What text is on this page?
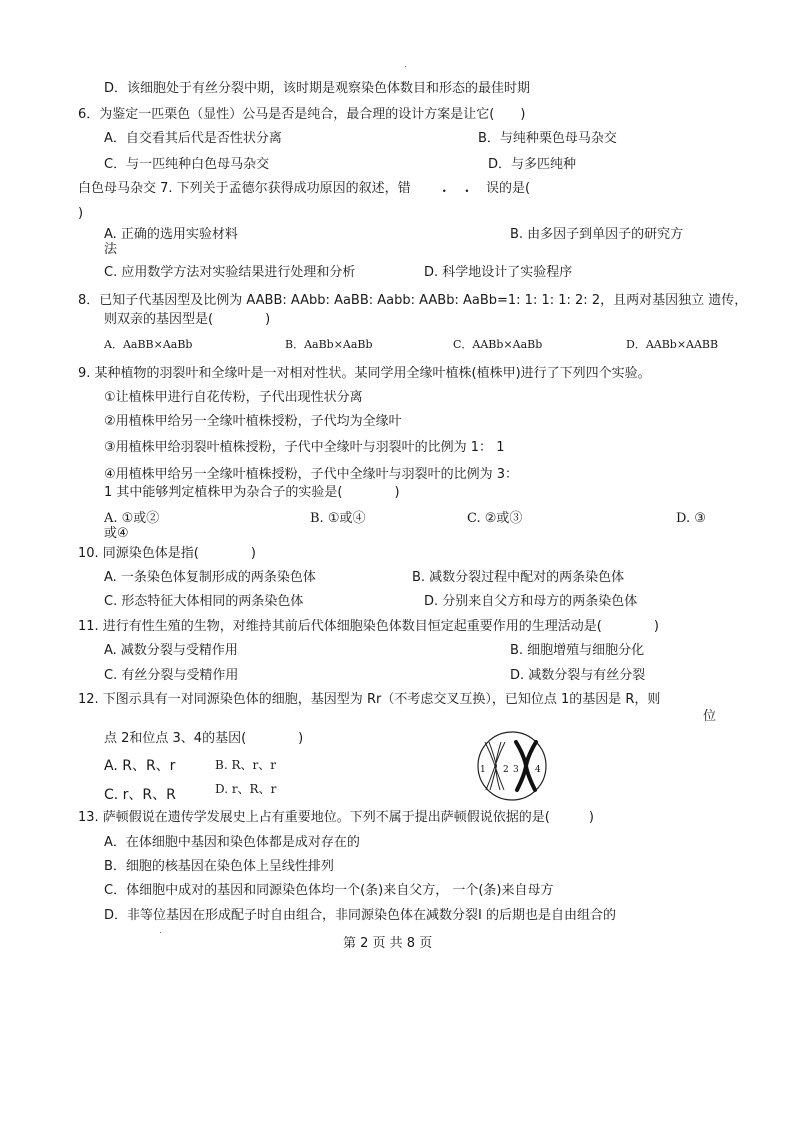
D．该细胞处于有丝分裂中期，该时期是观察染色体数目和形态的最佳时期
6．为鉴定一匹栗色（显性）公马是否是纯合，最合理的设计方案是让它(　　)
A．自交看其后代是否性状分离	B．与纯种栗色母马杂交
C．与一匹纯种白色母马杂交	D．与多匹纯种
白色母马杂交 7. 下列关于孟德尔获得成功原因的叙述，错 .    . 误的是(
)
A. 正确的选用实验材料	B. 由多因子到单因子的研究方
法
C. 应用数学方法对实验结果进行处理和分析	D. 科学地设计了实验程序
8．已知子代基因型及比例为 AABB: AAbb: AaBB: Aabb: AABb: AaBb=1: 1: 1: 1: 2: 2，且两对基因独立 遗传，
则双亲的基因型是(　　　　)
A．AaBB×AaBb	B．AaBb×AaBb	C．AABb×AaBb	D．AABb×AABB
9. 某种植物的羽裂叶和全缘叶是一对相对性状。某同学用全缘叶植株(植株甲)进行了下列四个实验。
①让植株甲进行自花传粉，子代出现性状分离
②用植株甲给另一全缘叶植株授粉，子代均为全缘叶
③用植株甲给羽裂叶植株授粉，子代中全缘叶与羽裂叶的比例为 1： 1
④用植株甲给另一全缘叶植株授粉，子代中全缘叶与羽裂叶的比例为 3：
1 其中能够判定植株甲为杂合子的实验是(　　　　)
A. ①或②	B. ①或④	C. ②或③	D. ③
或④
10. 同源染色体是指(　　　　)
A. 一条染色体复制形成的两条染色体	B. 减数分裂过程中配对的两条染色体
C. 形态特征大体相同的两条染色体	D. 分别来自父方和母方的两条染色体
11. 进行有性生殖的生物，对维持其前后代体细胞染色体数目恒定起重要作用的生理活动是(　　　　)
A. 减数分裂与受精作用	B. 细胞增殖与细胞分化
C. 有丝分裂与受精作用	D. 减数分裂与有丝分裂
12. 下图示具有一对同源染色体的细胞，基因型为 Rr（不考虑交叉互换），已知位点 1的基因是 R，则
位
点 2和位点 3、4的基因(　　　　)
A. R、R、r	B. R、r、r
C. r、R、R	D. r、R、r
1 2 3 4
13. 萨顿假说在遗传学发展史上占有重要地位。下列不属于提出萨顿假说依据的是(　　　)
A．在体细胞中基因和染色体都是成对存在的
B．细胞的核基因在染色体上呈线性排列
C．体细胞中成对的基因和同源染色体均一个(条)来自父方， 一个(条)来自母方
D．非等位基因在形成配子时自由组合，非同源染色体在减数分裂Ⅰ 的后期也是自由组合的
第 2 页 共 8 页
